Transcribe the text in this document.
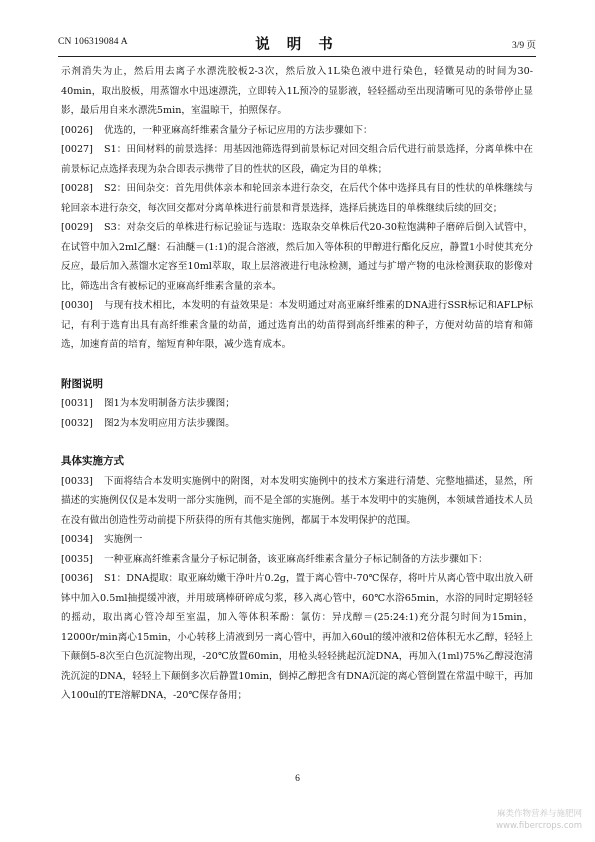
CN 106319084 A	说 明 书	3/9 页
示剂消失为止，然后用去离子水漂洗胶板2-3次，然后放入1L染色液中进行染色，轻微晃动的时间为30-40min，取出胶板，用蒸馏水中迅速漂洗，立即转入1L预冷的显影液，轻轻摇动至出现清晰可见的条带停止显影，最后用自来水漂洗5min，室温晾干，拍照保存。
[0026]	优选的，一种亚麻高纤维素含量分子标记应用的方法步骤如下：
[0027]	S1：田间材料的前景选择：用基因池筛选得到前景标记对回交组合后代进行前景选择，分离单株中在前景标记点选择表现为杂合即表示携带了目的性状的区段，确定为目的单株；
[0028]	S2：田间杂交：首先用供体亲本和轮回亲本进行杂交，在后代个体中选择具有目的性状的单株继续与轮回亲本进行杂交，每次回交都对分离单株进行前景和背景选择，选择后挑选目的单株继续后续的回交；
[0029]	S3：对杂交后的单株进行标记验证与选取：选取杂交单株后代20-30粒饱满种子磨碎后倒入试管中，在试管中加入2ml乙醚：石油醚＝(1:1)的混合溶液，然后加入等体积的甲醇进行酯化反应，静置1小时使其充分反应，最后加入蒸馏水定容至10ml萃取，取上层溶液进行电泳检测，通过与扩增产物的电泳检测获取的影像对比，筛选出含有被标记的亚麻高纤维素含量的亲本。
[0030]	与现有技术相比，本发明的有益效果是：本发明通过对高亚麻纤维素的DNA进行SSR标记和AFLP标记，有利于选育出具有高纤维素含量的幼苗，通过选育出的幼苗得到高纤维素的种子，方便对幼苗的培育和筛选，加速育苗的培育，缩短育种年限，减少选育成本。
附图说明
[0031]	图1为本发明制备方法步骤图；
[0032]	图2为本发明应用方法步骤图。
具体实施方式
[0033]	下面将结合本发明实施例中的附图，对本发明实施例中的技术方案进行清楚、完整地描述，显然，所描述的实施例仅仅是本发明一部分实施例，而不是全部的实施例。基于本发明中的实施例，本领域普通技术人员在没有做出创造性劳动前提下所获得的所有其他实施例，都属于本发明保护的范围。
[0034]	实施例一
[0035]	一种亚麻高纤维素含量分子标记制备，该亚麻高纤维素含量分子标记制备的方法步骤如下：
[0036]	S1：DNA提取：取亚麻幼嫩干净叶片0.2g，置于离心管中-70℃保存，将叶片从离心管中取出放入研钵中加入0.5ml抽提缓冲液，并用玻璃棒研碎成匀浆，移入离心管中，60℃水浴65min，水浴的同时定期轻轻的摇动，取出离心管冷却至室温，加入等体积苯酚：氯仿：异戊醇＝(25:24:1)充分混匀时间为15min，12000r/min离心15min，小心转移上清液到另一离心管中，再加入60ul的缓冲液和2倍体积无水乙醇，轻轻上下颠倒5-8次至白色沉淀物出现，-20℃放置60min，用枪头轻轻挑起沉淀DNA，再加入(1ml)75%乙醇浸泡清洗沉淀的DNA，轻轻上下颠倒多次后静置10min，倒掉乙醇把含有DNA沉淀的离心管倒置在常温中晾干，再加入100ul的TE溶解DNA，-20℃保存备用；
6
麻类作物营养与施肥网 www.fibercrops.com
